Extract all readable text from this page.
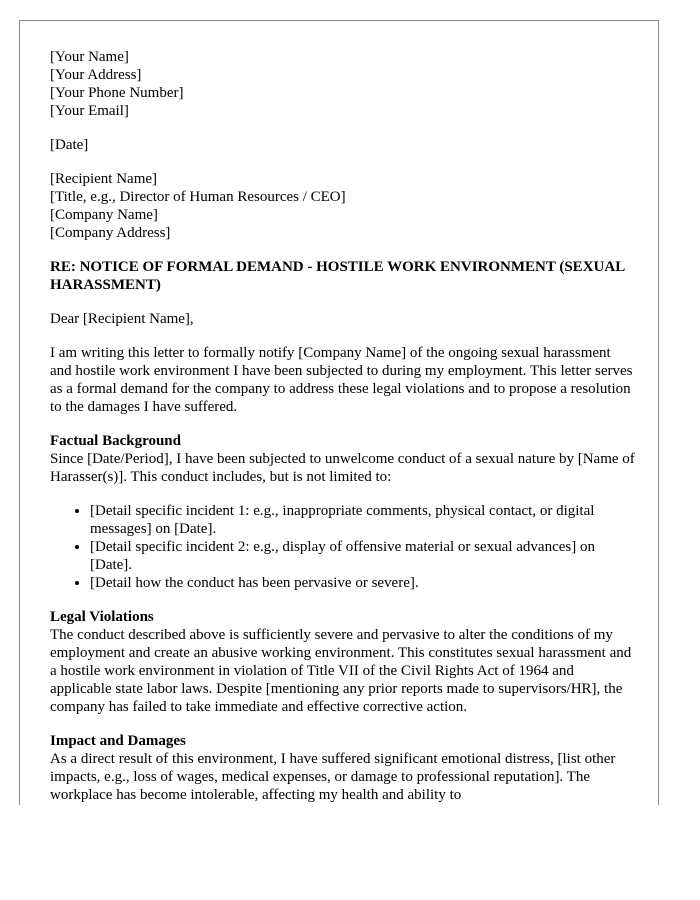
[Your Name]
[Your Address]
[Your Phone Number]
[Your Email]

[Date]

[Recipient Name]
[Title, e.g., Director of Human Resources / CEO]
[Company Name]
[Company Address]

RE: NOTICE OF FORMAL DEMAND - HOSTILE WORK ENVIRONMENT (SEXUAL HARASSMENT)

Dear [Recipient Name],

I am writing this letter to formally notify [Company Name] of the ongoing sexual harassment and hostile work environment I have been subjected to during my employment. This letter serves as a formal demand for the company to address these legal violations and to propose a resolution to the damages I have suffered.

Factual Background

Since [Date/Period], I have been subjected to unwelcome conduct of a sexual nature by [Name of Harasser(s)]. This conduct includes, but is not limited to:

• [Detail specific incident 1: e.g., inappropriate comments, physical contact, or digital messages] on [Date].
• [Detail specific incident 2: e.g., display of offensive material or sexual advances] on [Date].
• [Detail how the conduct has been pervasive or severe].
Legal Violations

The conduct described above is sufficiently severe and pervasive to alter the conditions of my employment and create an abusive working environment. This constitutes sexual harassment and a hostile work environment in violation of Title VII of the Civil Rights Act of 1964 and applicable state labor laws. Despite [mentioning any prior reports made to supervisors/HR], the company has failed to take immediate and effective corrective action.

Impact and Damages

As a direct result of this environment, I have suffered significant emotional distress, [list other impacts, e.g., loss of wages, medical expenses, or damage to professional reputation]. The workplace has become intolerable, affecting my health and ability to
